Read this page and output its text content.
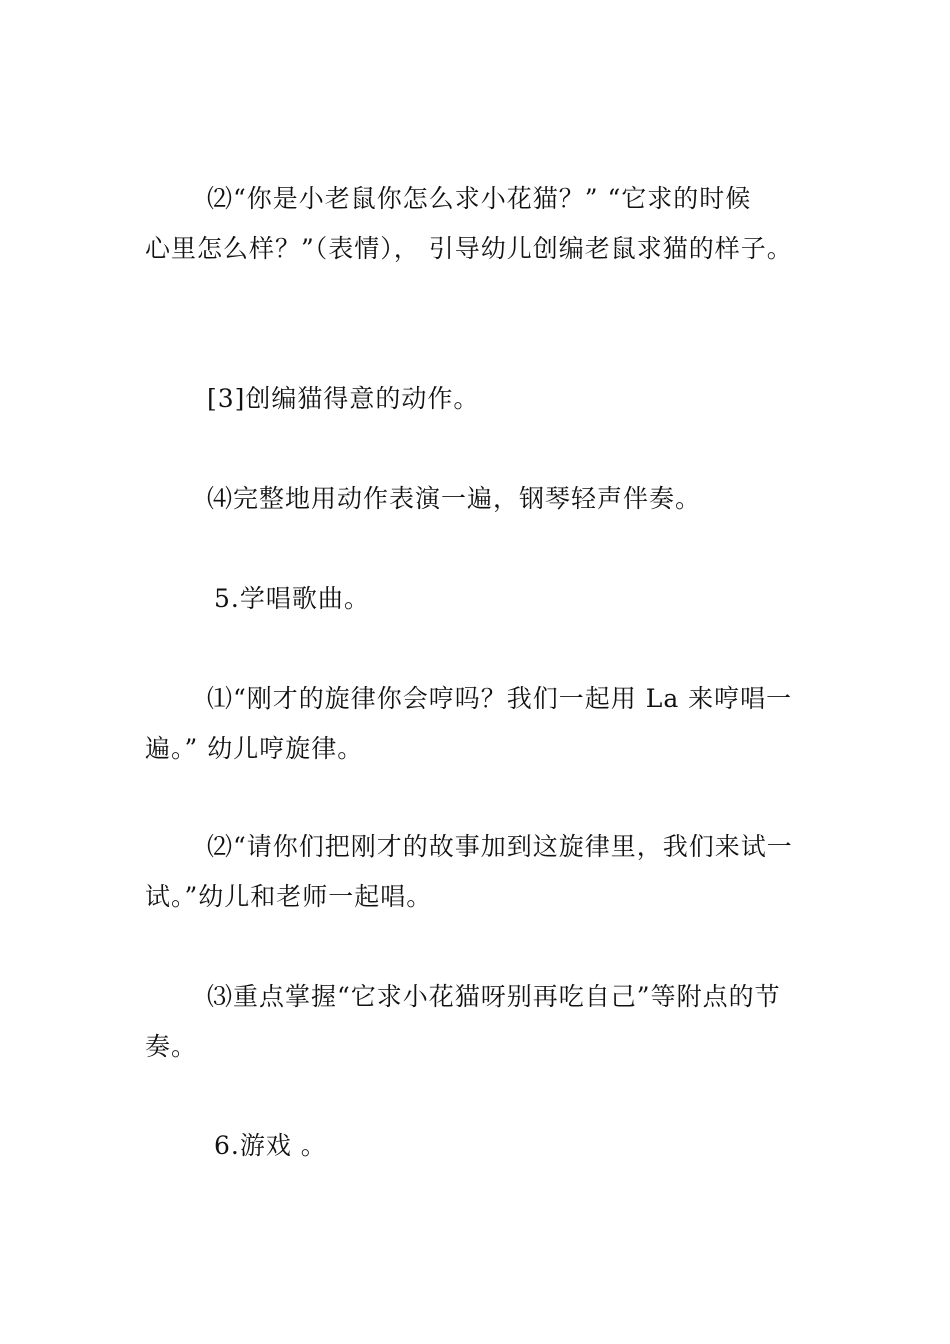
⑵“你是小老鼠你怎么求小花猫？” “它求的时候
心里怎么样？”（表情）， 引导幼儿创编老鼠求猫的样子。
[3]创编猫得意的动作。
⑷完整地用动作表演一遍，钢琴轻声伴奏。
5.学唱歌曲。
⑴“刚才的旋律你会哼吗？我们一起用 La 来哼唱一
遍。” 幼儿哼旋律。
⑵“请你们把刚才的故事加到这旋律里，我们来试一
试。”幼儿和老师一起唱。
⑶重点掌握“它求小花猫呀别再吃自己”等附点的节
奏。
6.游戏 。
